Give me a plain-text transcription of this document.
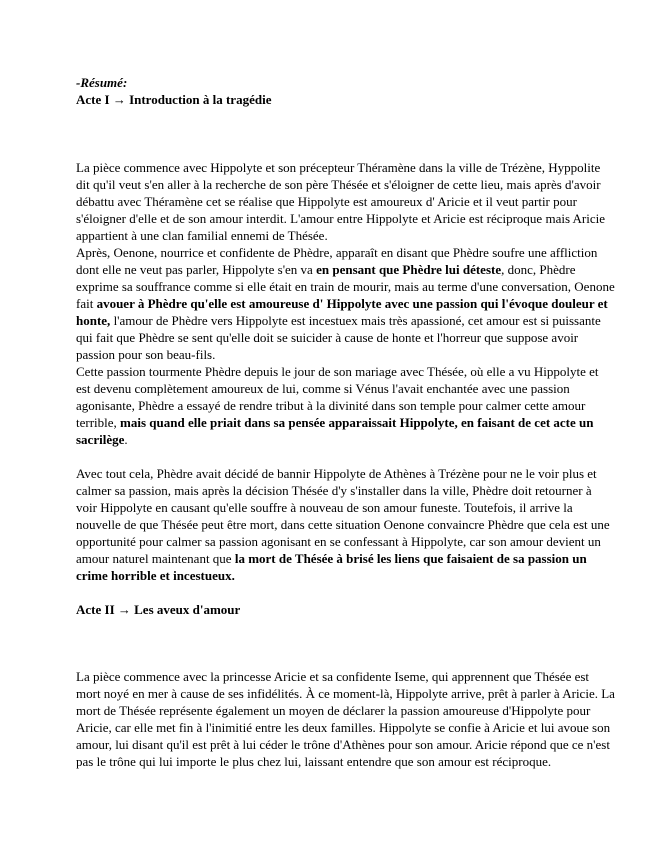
-Résumé:

Acte I → Introduction à la tragédie

La pièce commence avec Hippolyte et son précepteur Théramène dans la ville de Trézène, Hyppolite dit qu'il veut s'en aller à la recherche de son père Thésée et s'éloigner de cette lieu, mais après d'avoir débattu avec Théramène cet se réalise que Hippolyte est amoureux d' Aricie et il veut partir pour s'éloigner d'elle et de son amour interdit. L'amour entre Hippolyte et Aricie est réciproque mais Aricie appartient à une clan familial ennemi de Thésée.

Après, Oenone, nourrice et confidente de Phèdre, apparaît en disant que Phèdre soufre une affliction dont elle ne veut pas parler, Hippolyte s'en va en pensant que Phèdre lui déteste, donc, Phèdre exprime sa souffrance comme si elle était en train de mourir, mais au terme d'une conversation, Oenone fait avouer à Phèdre qu'elle est amoureuse d' Hippolyte avec une passion qui l'évoque douleur et honte, l'amour de Phèdre vers Hippolyte est incestuex mais très apassioné, cet amour est si puissante qui fait que Phèdre se sent qu'elle doit se suicider à cause de honte et l'horreur que suppose avoir passion pour son beau-fils.

Cette passion tourmente Phèdre depuis le jour de son mariage avec Thésée, où elle a vu Hippolyte et est devenu complètement amoureux de lui, comme si Vénus l'avait enchantée avec une passion agonisante, Phèdre a essayé de rendre tribut à la divinité dans son temple pour calmer cette amour terrible, mais quand elle priait dans sa pensée apparaissait Hippolyte, en faisant de cet acte un sacrilège.

Avec tout cela, Phèdre avait décidé de bannir Hippolyte de Athènes à Trézène pour ne le voir plus et calmer sa passion, mais après la décision Thésée d'y s'installer dans la ville, Phèdre doit retourner à voir Hippolyte en causant qu'elle souffre à nouveau de son amour funeste. Toutefois, il arrive la nouvelle de que Thésée peut être mort, dans cette situation Oenone convaincre Phèdre que cela est une opportunité pour calmer sa passion agonisant en se confessant à Hippolyte, car son amour devient un amour naturel maintenant que la mort de Thésée à brisé les liens que faisaient de sa passion un crime horrible et incestueux.

Acte II → Les aveux d'amour

La pièce commence avec la princesse Aricie et sa confidente Iseme, qui apprennent que Thésée est mort noyé en mer à cause de ses infidélités. À ce moment-là, Hippolyte arrive, prêt à parler à Aricie. La mort de Thésée représente également un moyen de déclarer la passion amoureuse d'Hippolyte pour Aricie, car elle met fin à l'inimitié entre les deux familles. Hippolyte se confie à Aricie et lui avoue son amour, lui disant qu'il est prêt à lui céder le trône d'Athènes pour son amour. Aricie répond que ce n'est pas le trône qui lui importe le plus chez lui, laissant entendre que son amour est réciproque.
